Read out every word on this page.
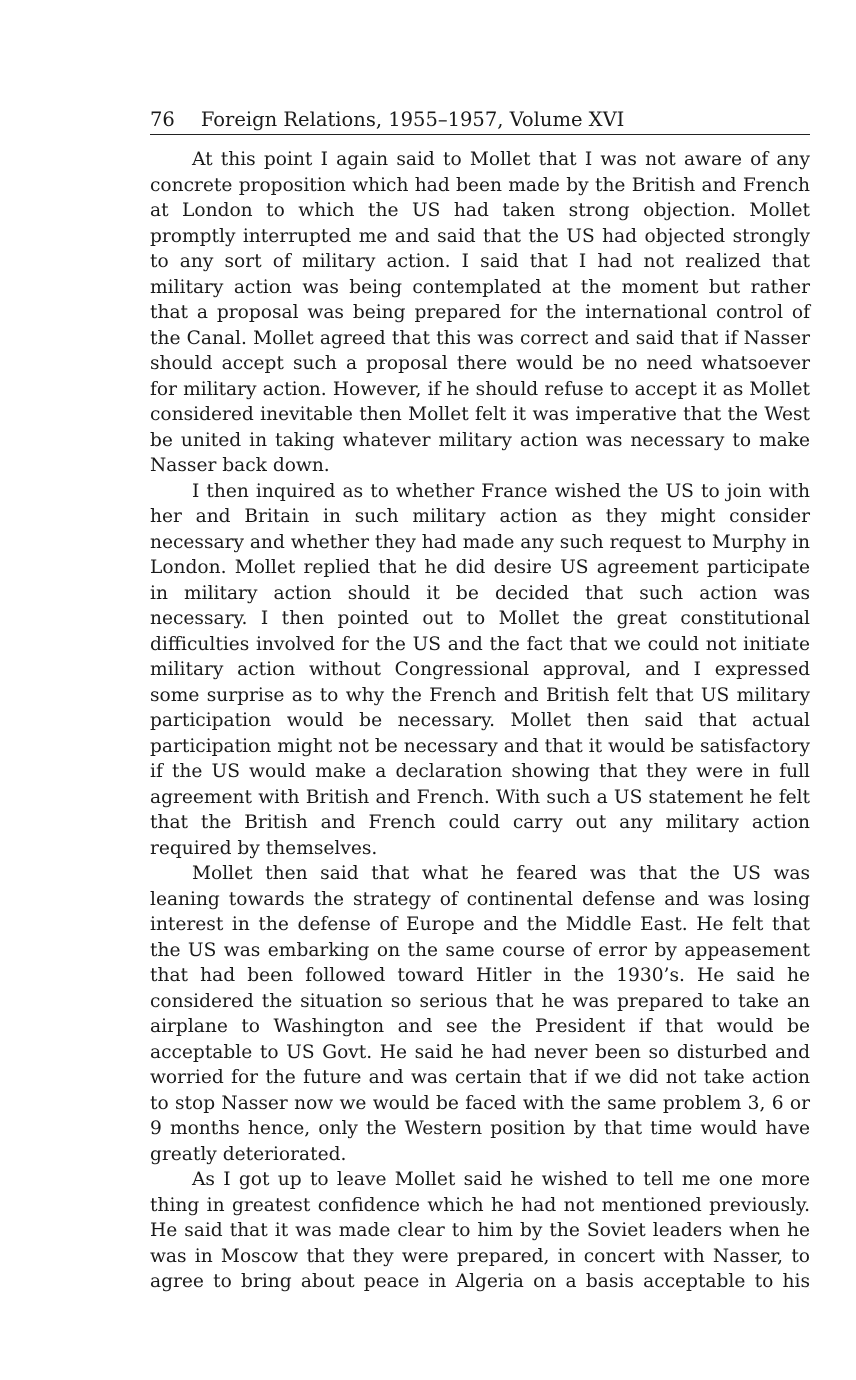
76 Foreign Relations, 1955–1957, Volume XVI

At this point I again said to Mollet that I was not aware of any concrete proposition which had been made by the British and French at London to which the US had taken strong objection. Mollet promptly interrupted me and said that the US had objected strongly to any sort of military action. I said that I had not realized that military action was being contemplated at the moment but rather that a proposal was being prepared for the international control of the Canal. Mollet agreed that this was correct and said that if Nasser should accept such a proposal there would be no need whatsoever for military action. However, if he should refuse to accept it as Mollet considered inevitable then Mollet felt it was imperative that the West be united in taking whatever military action was necessary to make Nasser back down.

I then inquired as to whether France wished the US to join with her and Britain in such military action as they might consider necessary and whether they had made any such request to Murphy in London. Mollet replied that he did desire US agreement participate in military action should it be decided that such action was necessary. I then pointed out to Mollet the great constitutional difficulties involved for the US and the fact that we could not initiate military action without Congressional approval, and I expressed some surprise as to why the French and British felt that US military participation would be necessary. Mollet then said that actual participation might not be necessary and that it would be satisfactory if the US would make a declaration showing that they were in full agreement with British and French. With such a US statement he felt that the British and French could carry out any military action required by themselves.

Mollet then said that what he feared was that the US was leaning towards the strategy of continental defense and was losing interest in the defense of Europe and the Middle East. He felt that the US was embarking on the same course of error by appeasement that had been followed toward Hitler in the 1930’s. He said he considered the situation so serious that he was prepared to take an airplane to Washington and see the President if that would be acceptable to US Govt. He said he had never been so disturbed and worried for the future and was certain that if we did not take action to stop Nasser now we would be faced with the same problem 3, 6 or 9 months hence, only the Western position by that time would have greatly deteriorated.

As I got up to leave Mollet said he wished to tell me one more thing in greatest confidence which he had not mentioned previously. He said that it was made clear to him by the Soviet leaders when he was in Moscow that they were prepared, in concert with Nasser, to agree to bring about peace in Algeria on a basis acceptable to his
